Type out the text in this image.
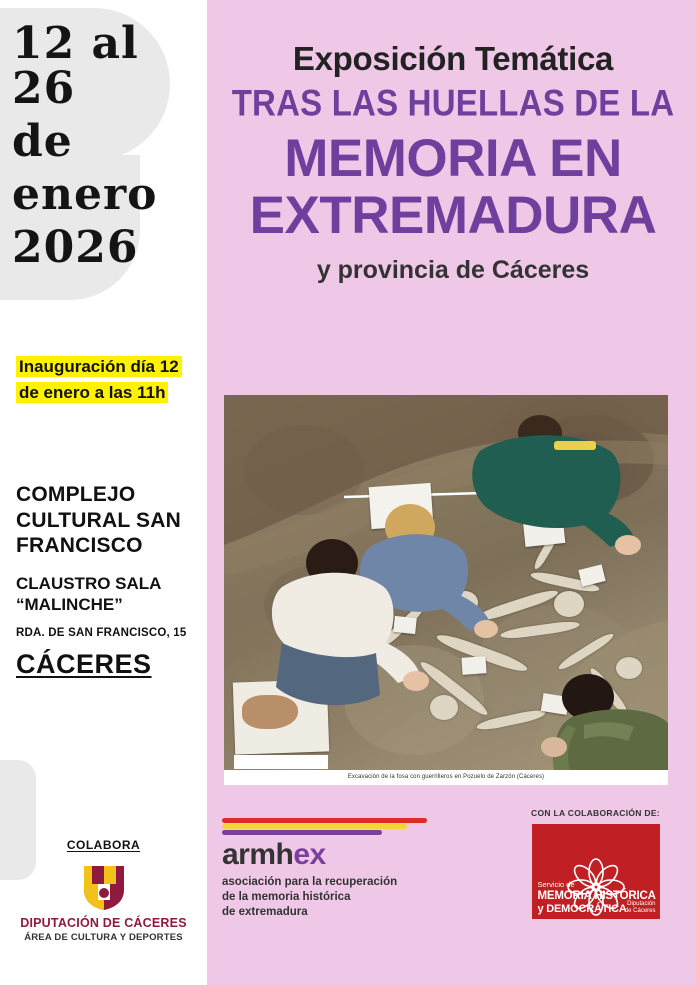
12 al 26
de
enero
2026
Inauguración día 12 de enero a las 11h
COMPLEJO CULTURAL SAN FRANCISCO
CLAUSTRO SALA “MALINCHE”
RDA. DE SAN FRANCISCO, 15
CÁCERES
COLABORA
DIPUTACIÓN DE CÁCERES
ÁREA DE CULTURA Y DEPORTES
Exposición Temática
TRAS LAS HUELLAS DE LA
MEMORIA EN
EXTREMADURA
y provincia de Cáceres
Excavación de la fosa con guerrilleros en Pozuelo de Zarzón (Cáceres)
armhex
asociación para la recuperación
de la memoria histórica
de extremadura
CON LA COLABORACIÓN DE:
Servicio de
MEMORIA HISTÓRICA
y DEMOCRÁTICA Diputación
de Cáceres
